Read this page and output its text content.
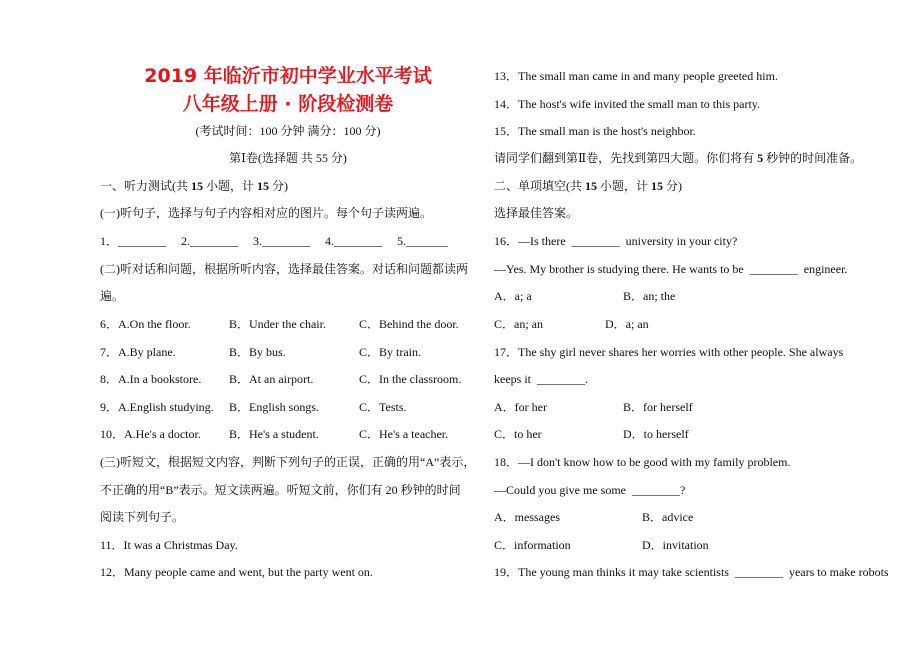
2019 年临沂市初中学业水平考试
八年级上册 · 阶段检测卷
(考试时间：100 分钟 满分：100 分)
第Ⅰ卷(选择题 共 55 分)
一、听力测试(共 15 小题，计 15 分)
(一)听句子，选择与句子内容相对应的图片。每个句子读两遍。
1．________     2.________     3.________     4.________     5._______
(二)听对话和问题，根据所听内容，选择最佳答案。对话和问题都读两
遍。
6．A.On the floor.	B．Under the chair.	C．Behind the door.
7．A.By plane.	B．By bus.	C．By train.
8．A.In a bookstore. B．At an airport.	C．In the classroom.
9．A.English studying. B．English songs.	C．Tests.
10．A.He's a doctor. B．He's a student.	C．He's a teacher.
(三)听短文，根据短文内容，判断下列句子的正误，正确的用“A”表示，
不正确的用“B”表示。短文读两遍。听短文前，你们有 20 秒钟的时间
阅读下列句子。
11．It was a Christmas Day.
12．Many people came and went, but the party went on.
13．The small man came in and many people greeted him.
14．The host's wife invited the small man to this party.
15．The small man is the host's neighbor.
请同学们翻到第Ⅱ卷，先找到第四大题。你们将有 5 秒钟的时间准备。
二、单项填空(共 15 小题，计 15 分)
选择最佳答案。
16．—Is there  ________  university in your city?
—Yes. My brother is studying there. He wants to be  ________  engineer.
A．a; a	B．an; the
C．an; an	D．a; an
17．The shy girl never shares her worries with other people. She always
keeps it  ________.
A．for her	B．for herself
C．to her	D．to herself
18．—I don't know how to be good with my family problem.
—Could you give me some  ________?
A．messages	B．advice
C．information	D．invitation
19．The young man thinks it may take scientists  ________  years to make robots
